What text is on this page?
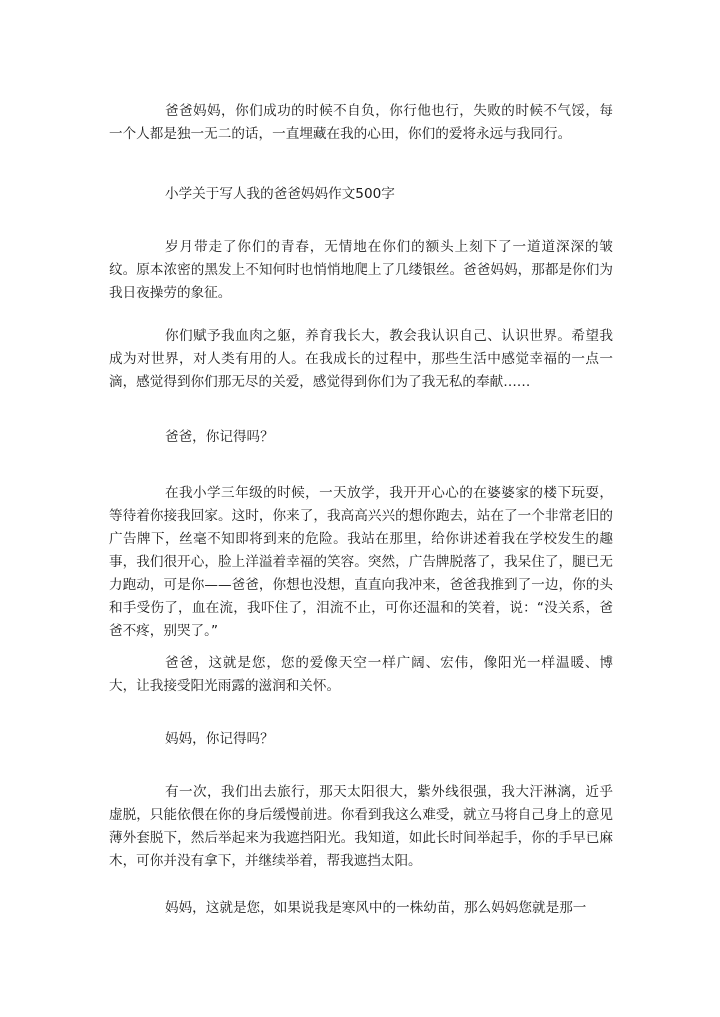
爸爸妈妈，你们成功的时候不自负，你行他也行，失败的时候不气馁，每一个人都是独一无二的话，一直埋藏在我的心田，你们的爱将永远与我同行。

小学关于写人我的爸爸妈妈作文500字

岁月带走了你们的青春，无情地在你们的额头上刻下了一道道深深的皱纹。原本浓密的黑发上不知何时也悄悄地爬上了几缕银丝。爸爸妈妈，那都是你们为我日夜操劳的象征。

你们赋予我血肉之躯，养育我长大，教会我认识自己、认识世界。希望我成为对世界，对人类有用的人。在我成长的过程中，那些生活中感觉幸福的一点一滴，感觉得到你们那无尽的关爱，感觉得到你们为了我无私的奉献……

爸爸，你记得吗？

在我小学三年级的时候，一天放学，我开开心心的在婆婆家的楼下玩耍，等待着你接我回家。这时，你来了，我高高兴兴的想你跑去，站在了一个非常老旧的广告牌下，丝毫不知即将到来的危险。我站在那里，给你讲述着我在学校发生的趣事，我们很开心，脸上洋溢着幸福的笑容。突然，广告牌脱落了，我呆住了，腿已无力跑动，可是你——爸爸，你想也没想，直直向我冲来，爸爸我推到了一边，你的头和手受伤了，血在流，我吓住了，泪流不止，可你还温和的笑着，说：“没关系，爸爸不疼，别哭了。”

爸爸，这就是您，您的爱像天空一样广阔、宏伟，像阳光一样温暖、博大，让我接受阳光雨露的滋润和关怀。

妈妈，你记得吗？

有一次，我们出去旅行，那天太阳很大，紫外线很强，我大汗淋漓，近乎虚脱，只能依偎在你的身后缓慢前进。你看到我这么难受，就立马将自己身上的意见薄外套脱下，然后举起来为我遮挡阳光。我知道，如此长时间举起手，你的手早已麻木，可你并没有拿下，并继续举着，帮我遮挡太阳。

妈妈，这就是您，如果说我是寒风中的一株幼苗，那么妈妈您就是那一
